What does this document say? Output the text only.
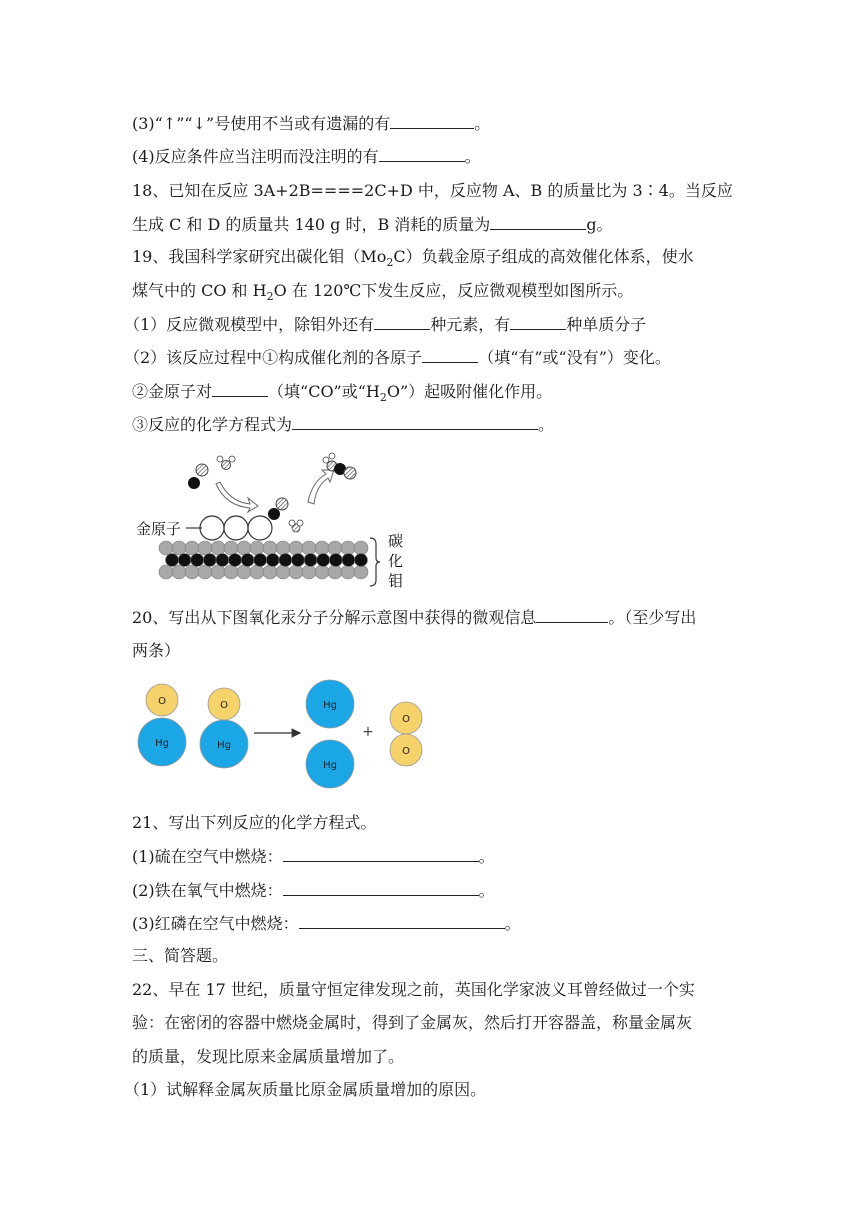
(3)“↑”“↓”号使用不当或有遗漏的有	。
(4)反应条件应当注明而没注明的有	。
18、已知在反应 3A+2B====2C+D 中，反应物 A、B 的质量比为 3∶4。当反应
生成 C 和 D 的质量共 140 g 时，B 消耗的质量为	g。
19、我国科学家研究出碳化钼$(Mo_2C)$负载金原子组成的高效催化体系，使水
煤气中的 CO 和 $H_2O$ 在 120℃下发生反应，反应微观模型如图所示。
（1）反应微观模型中，除钼外还有	种元素，有	种单质分子
（2）该反应过程中①构成催化剂的各原子	（填“有”或“没有”）变化。
②金原子对	（填“CO”或“$H_2O$”）起吸附催化作用。
③反应的化学方程式为	。
金原子
碳
化
钼
20、写出从下图氧化汞分子分解示意图中获得的微观信息	。（至少写出
两条）
O
Hg
O
Hg
Hg
Hg
+
O
O
21、写出下列反应的化学方程式。
(1)硫在空气中燃烧：	。
(2)铁在氧气中燃烧：	。
(3)红磷在空气中燃烧：	。
三、简答题。
22、早在 17 世纪，质量守恒定律发现之前，英国化学家波义耳曾经做过一个实
验：在密闭的容器中燃烧金属时，得到了金属灰，然后打开容器盖，称量金属灰
的质量，发现比原来金属质量增加了。
（1）试解释金属灰质量比原金属质量增加的原因。
